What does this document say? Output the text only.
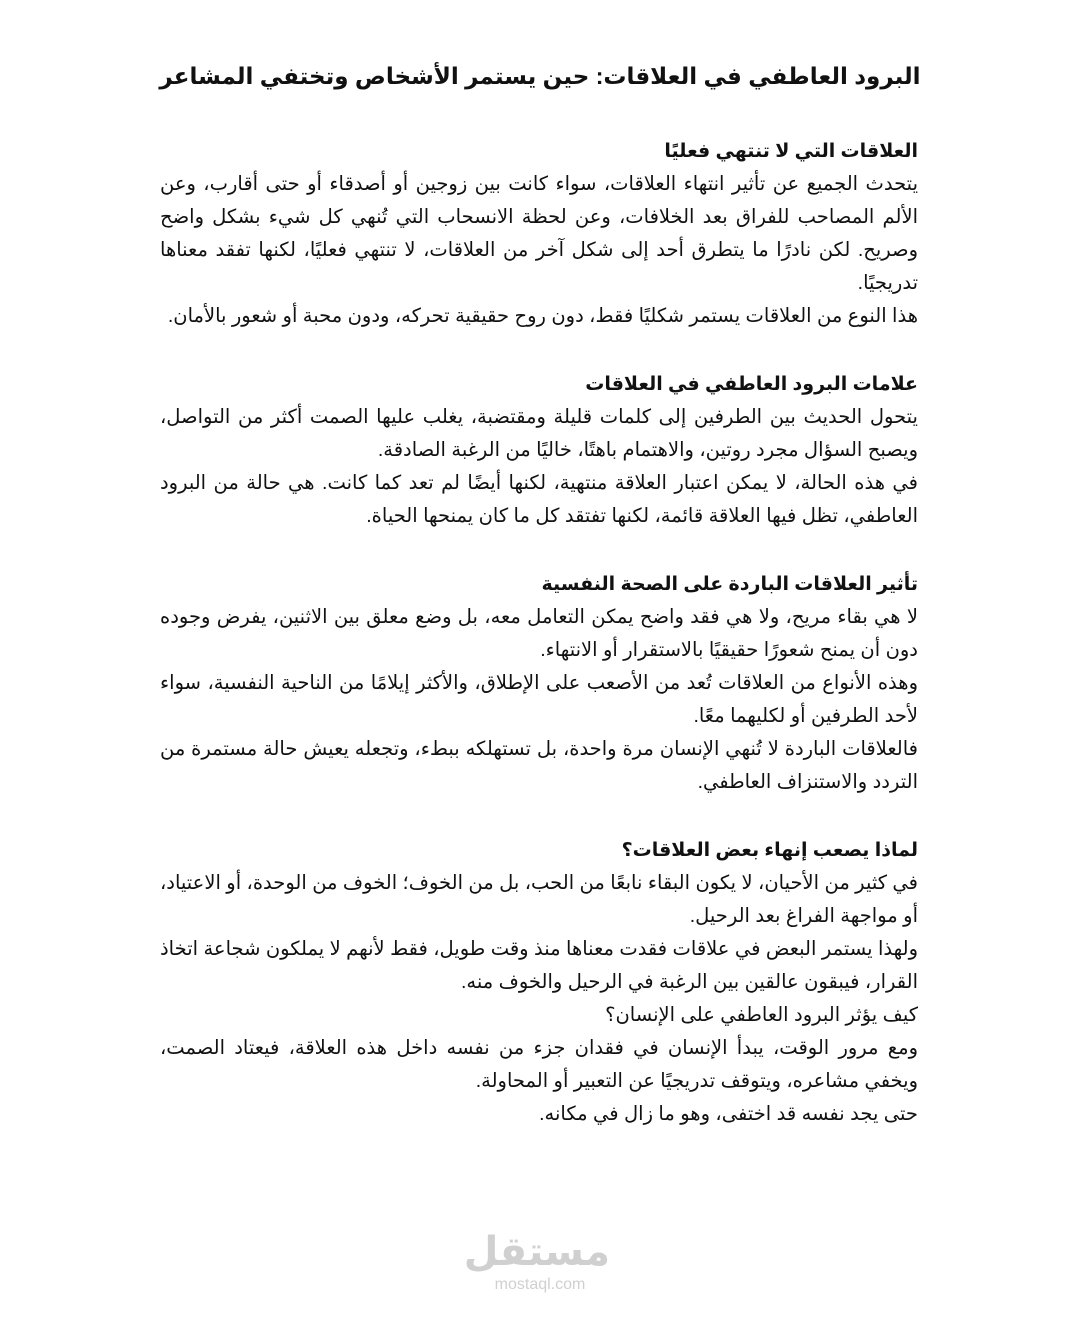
البرود العاطفي في العلاقات: حين يستمر الأشخاص وتختفي المشاعر
العلاقات التي لا تنتهي فعليًا

يتحدث الجميع عن تأثير انتهاء العلاقات، سواء كانت بين زوجين أو أصدقاء أو حتى أقارب، وعن الألم المصاحب للفراق بعد الخلافات، وعن لحظة الانسحاب التي تُنهي كل شيء بشكل واضح وصريح. لكن نادرًا ما يتطرق أحد إلى شكل آخر من العلاقات، لا تنتهي فعليًا، لكنها تفقد معناها تدريجيًا.

هذا النوع من العلاقات يستمر شكليًا فقط، دون روح حقيقية تحركه، ودون محبة أو شعور بالأمان.

علامات البرود العاطفي في العلاقات

يتحول الحديث بين الطرفين إلى كلمات قليلة ومقتضبة، يغلب عليها الصمت أكثر من التواصل، ويصبح السؤال مجرد روتين، والاهتمام باهتًا، خاليًا من الرغبة الصادقة.

في هذه الحالة، لا يمكن اعتبار العلاقة منتهية، لكنها أيضًا لم تعد كما كانت. هي حالة من البرود العاطفي، تظل فيها العلاقة قائمة، لكنها تفتقد كل ما كان يمنحها الحياة.

تأثير العلاقات الباردة على الصحة النفسية

لا هي بقاء مريح، ولا هي فقد واضح يمكن التعامل معه، بل وضع معلق بين الاثنين، يفرض وجوده دون أن يمنح شعورًا حقيقيًا بالاستقرار أو الانتهاء.

وهذه الأنواع من العلاقات تُعد من الأصعب على الإطلاق، والأكثر إيلامًا من الناحية النفسية، سواء لأحد الطرفين أو لكليهما معًا.

فالعلاقات الباردة لا تُنهي الإنسان مرة واحدة، بل تستهلكه ببطء، وتجعله يعيش حالة مستمرة من التردد والاستنزاف العاطفي.

لماذا يصعب إنهاء بعض العلاقات؟

في كثير من الأحيان، لا يكون البقاء نابعًا من الحب، بل من الخوف؛ الخوف من الوحدة، أو الاعتياد، أو مواجهة الفراغ بعد الرحيل.

ولهذا يستمر البعض في علاقات فقدت معناها منذ وقت طويل، فقط لأنهم لا يملكون شجاعة اتخاذ القرار، فيبقون عالقين بين الرغبة في الرحيل والخوف منه.

كيف يؤثر البرود العاطفي على الإنسان؟

ومع مرور الوقت، يبدأ الإنسان في فقدان جزء من نفسه داخل هذه العلاقة، فيعتاد الصمت، ويخفي مشاعره، ويتوقف تدريجيًا عن التعبير أو المحاولة.

حتى يجد نفسه قد اختفى، وهو ما زال في مكانه.

مستقل
mostaql.com
